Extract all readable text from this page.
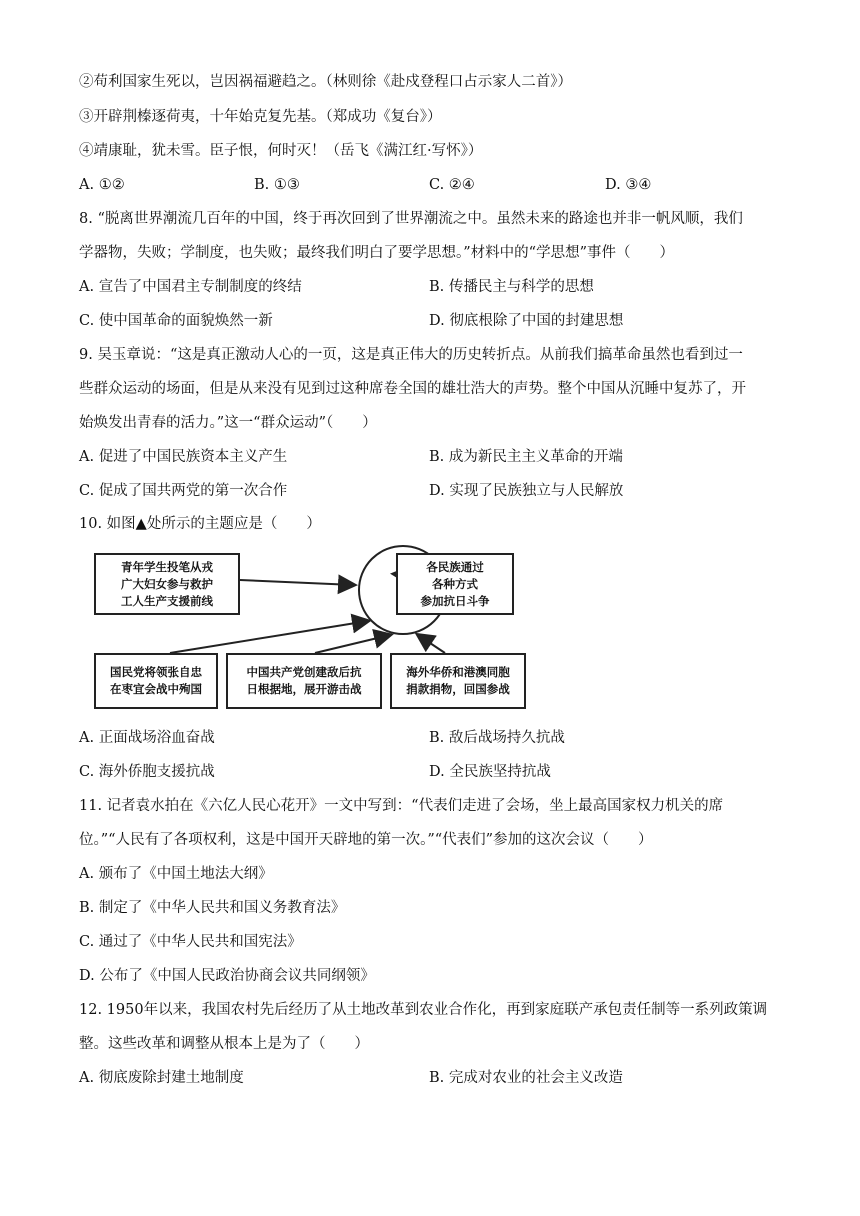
②苟利国家生死以，岂因祸福避趋之。（林则徐《赴戍登程口占示家人二首》）
③开辟荆榛逐荷夷，十年始克复先基。（郑成功《复台》）
④靖康耻，犹未雪。臣子恨，何时灭！（岳飞《满江红·写怀》）
A. ①②	B. ①③	C. ②④	D. ③④
8. “脱离世界潮流几百年的中国，终于再次回到了世界潮流之中。虽然未来的路途也并非一帆风顺，我们
学器物，失败；学制度，也失败；最终我们明白了要学思想。”材料中的“学思想”事件（　　）
A. 宣告了中国君主专制制度的终结	B. 传播民主与科学的思想
C. 使中国革命的面貌焕然一新	D. 彻底根除了中国的封建思想
9. 吴玉章说：“这是真正激动人心的一页，这是真正伟大的历史转折点。从前我们搞革命虽然也看到过一
些群众运动的场面，但是从来没有见到过这种席卷全国的雄壮浩大的声势。整个中国从沉睡中复苏了，开
始焕发出青春的活力。”这一“群众运动”（　　）
A. 促进了中国民族资本主义产生	B. 成为新民主主义革命的开端
C. 促成了国共两党的第一次合作	D. 实现了民族独立与人民解放
10. 如图▲处所示的主题应是（　　）
青年学生投笔从戎
广大妇女参与救护
工人生产支援前线
各民族通过
各种方式
参加抗日斗争
国民党将领张自忠
在枣宜会战中殉国
中国共产党创建敌后抗
日根据地，展开游击战
海外华侨和港澳同胞
捐款捐物，回国参战
A. 正面战场浴血奋战	B. 敌后战场持久抗战
C. 海外侨胞支援抗战	D. 全民族坚持抗战
11. 记者袁水拍在《六亿人民心花开》一文中写到：“代表们走进了会场，坐上最高国家权力机关的席
位。”“人民有了各项权利，这是中国开天辟地的第一次。”“代表们”参加的这次会议（　　）
A. 颁布了《中国土地法大纲》
B. 制定了《中华人民共和国义务教育法》
C. 通过了《中华人民共和国宪法》
D. 公布了《中国人民政治协商会议共同纲领》
12. 1950年以来，我国农村先后经历了从土地改革到农业合作化，再到家庭联产承包责任制等一系列政策调
整。这些改革和调整从根本上是为了（　　）
A. 彻底废除封建土地制度	B. 完成对农业的社会主义改造
